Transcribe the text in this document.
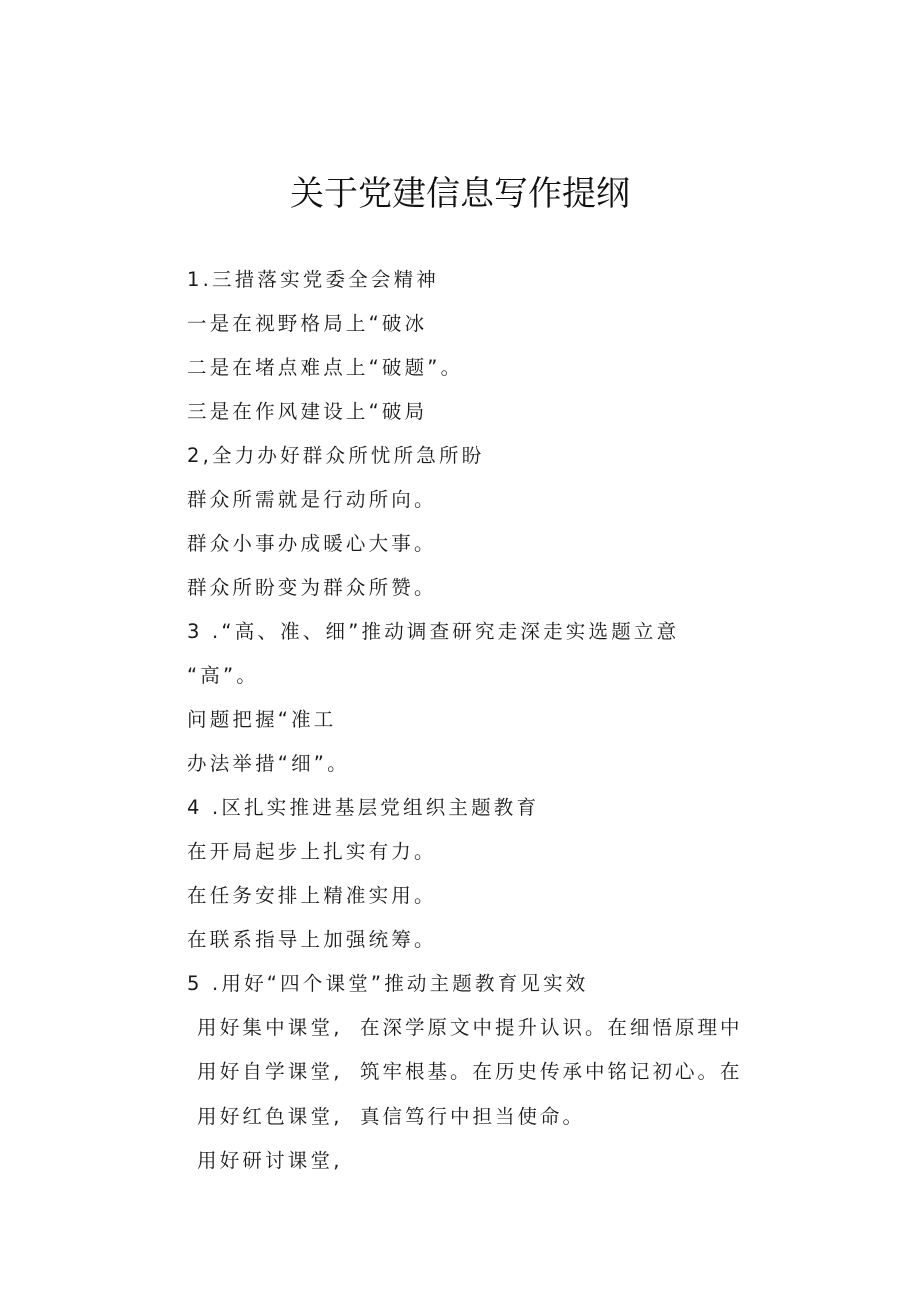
关于党建信息写作提纲
1.三措落实党委全会精神
一是在视野格局上“破冰
二是在堵点难点上“破题”。
三是在作风建设上“破局
2,全力办好群众所忧所急所盼
群众所需就是行动所向。
群众小事办成暖心大事。
群众所盼变为群众所赞。
3 .“高、准、细”推动调查研究走深走实选题立意
“高”。
问题把握“准工
办法举措“细”。
4 .区扎实推进基层党组织主题教育
在开局起步上扎实有力。
在任务安排上精准实用。
在联系指导上加强统筹。
5 .用好“四个课堂”推动主题教育见实效
用好集中课堂,
用好自学课堂,
用好红色课堂,
用好研讨课堂,
在深学原文中提升认识。在细悟原理中
筑牢根基。在历史传承中铭记初心。在
真信笃行中担当使命。
